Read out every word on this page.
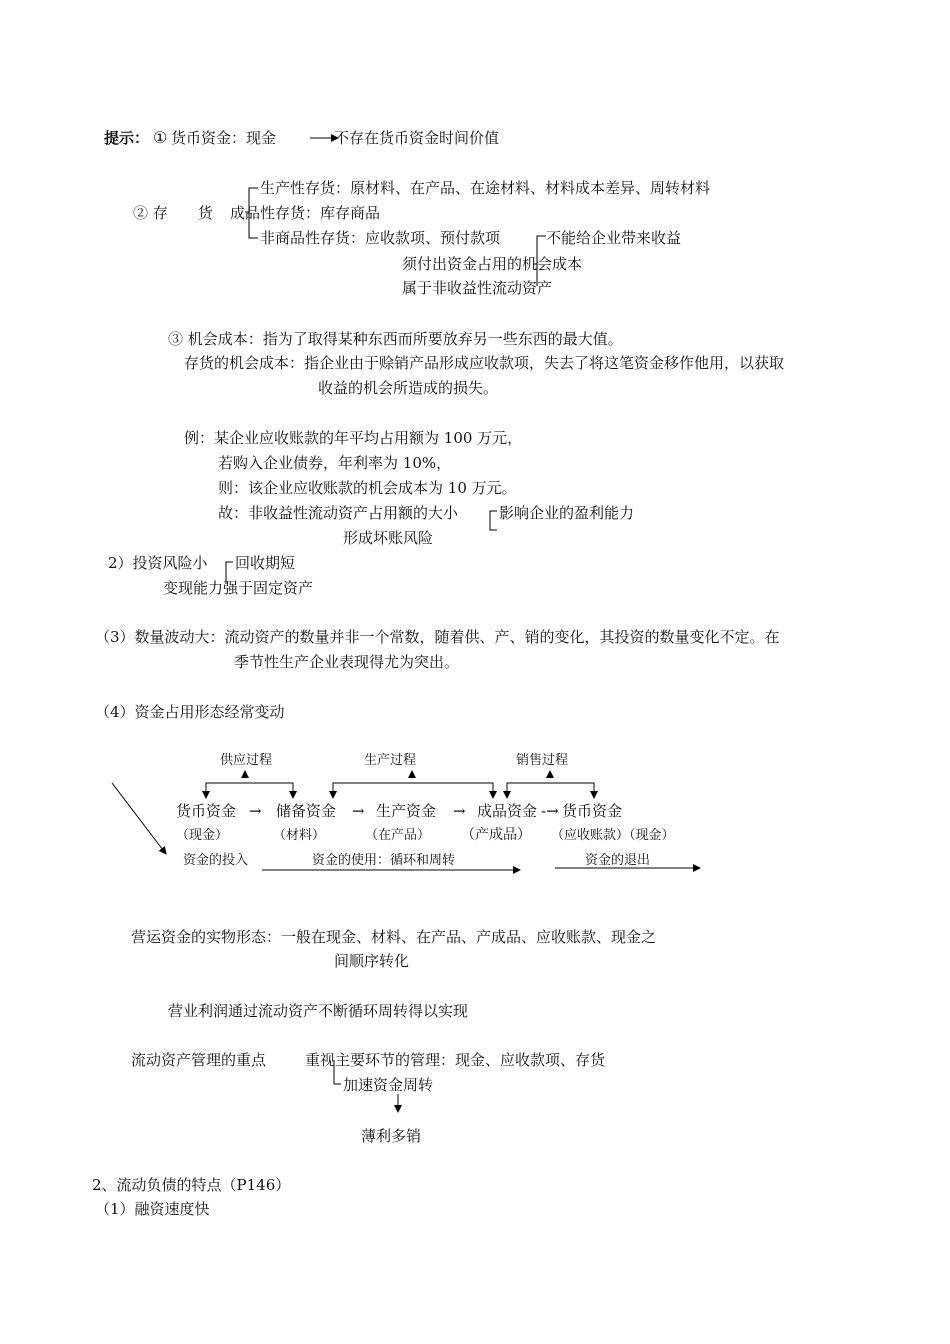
提示： ① 货币资金：现金	不存在货币资金时间价值
② 存　　货
生产性存货：原材料、在产品、在途材料、材料成本差异、周转材料
成品性存货：库存商品
非商品性存货：应收款项、预付款项	不能给企业带来收益
须付出资金占用的机会成本
属于非收益性流动资产
③ 机会成本：指为了取得某种东西而所要放弃另一些东西的最大值。
存货的机会成本：指企业由于赊销产品形成应收款项，失去了将这笔资金移作他用，以获取
收益的机会所造成的损失。
例：某企业应收账款的年平均占用额为 100 万元，
若购入企业债券，年利率为 10%，
则：该企业应收账款的机会成本为 10 万元。
故：非收益性流动资产占用额的大小	影响企业的盈利能力
形成坏账风险
2）投资风险小 回收期短
变现能力强于固定资产
（3）数量波动大：流动资产的数量并非一个常数，随着供、产、销的变化，其投资的数量变化不定。在
季节性生产企业表现得尤为突出。
（4）资金占用形态经常变动
供应过程	生产过程	销售过程
货币资金 → 储备资金 → 生产资金 → 成品资金 -→ 货币资金
（现金）	（材料）	（在产品） （产成品） （应收账款）（现金）
资金的投入	资金的使用：循环和周转	资金的退出
营运资金的实物形态：一般在现金、材料、在产品、产成品、应收账款、现金之
间顺序转化
营业利润通过流动资产不断循环周转得以实现
流动资产管理的重点	重视主要环节的管理：现金、应收款项、存货
加速资金周转
薄利多销
2、流动负债的特点（P146）
（1）融资速度快
